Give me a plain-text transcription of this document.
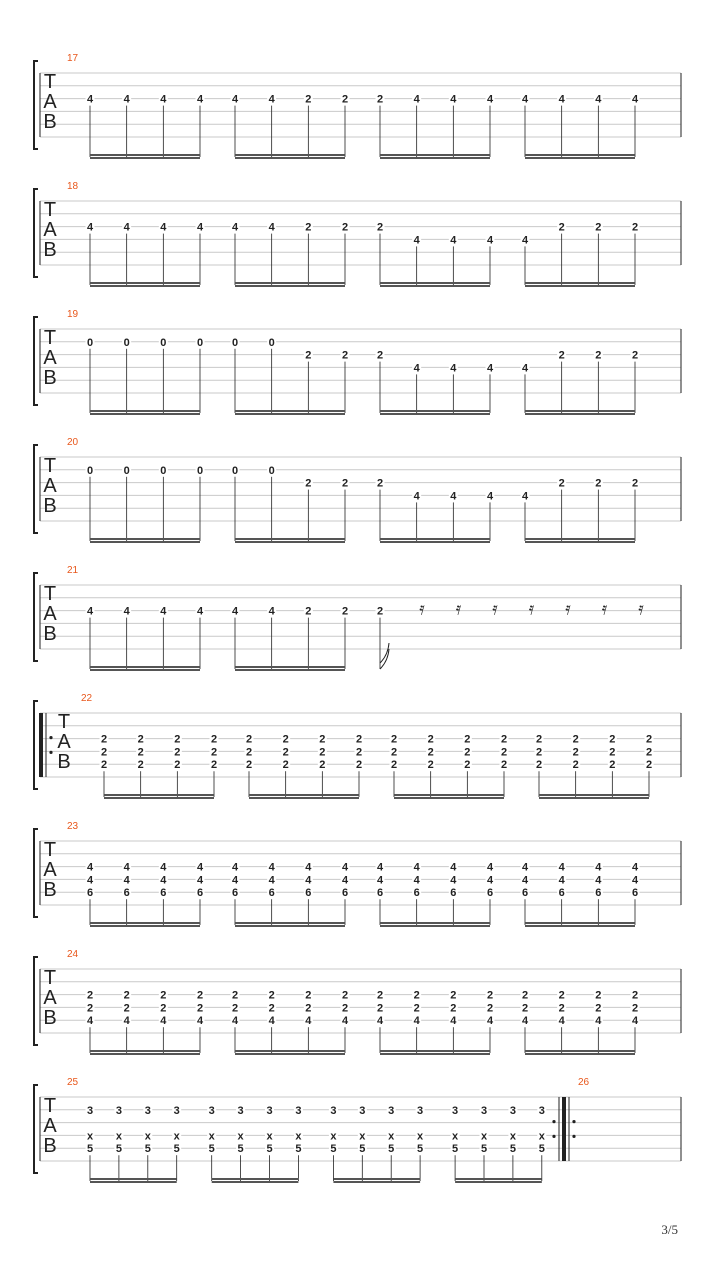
T
A
B
17
4	4	4	4	4	4	2	2	2	4	4	4	4	4	4	4
T
A
B
18
4	4	4	4	4	4	2	2	2
4	4	4	4
2	2	2
T
A
B
19
0	0	0	0	0	0
2	2	2
4	4	4	4
2	2	2
T
A
B
20
0	0	0	0	0	0
2	2	2
4	4	4	4
2	2	2
T
A
B
21
4	4	4	4	4	4	2	2	2 𝄿 𝄿 𝄿 𝄿 𝄿 𝄿 𝄿
T
A
B
22
2
2
2
2
2
2
2
2
2
2
2
2
2
2
2
2
2
2
2
2
2
2
2
2
2
2
2
2
2
2
2
2
2
2
2
2
2
2
2
2
2
2
2
2
2
2
2
2
T
A
B
23
4
4
6
4
4
6
4
4
6
4
4
6
4
4
6
4
4
6
4
4
6
4
4
6
4
4
6
4
4
6
4
4
6
4
4
6
4
4
6
4
4
6
4
4
6
4
4
6
T
A
B
24
2
2
4
2
2
4
2
2
4
2
2
4
2
2
4
2
2
4
2
2
4
2
2
4
2
2
4
2
2
4
2
2
4
2
2
4
2
2
4
2
2
4
2
2
4
2
2
4
T
A
B
25
3
x
5
3
x
5
3
x
5
3
x
5
3
x
5
3
x
5
3
x
5
3
x
5
3
x
5
3
x
5
3
x
5
3
x
5
3
x
5
3
x
5
3
x
5
3
x
5
26
3/5
